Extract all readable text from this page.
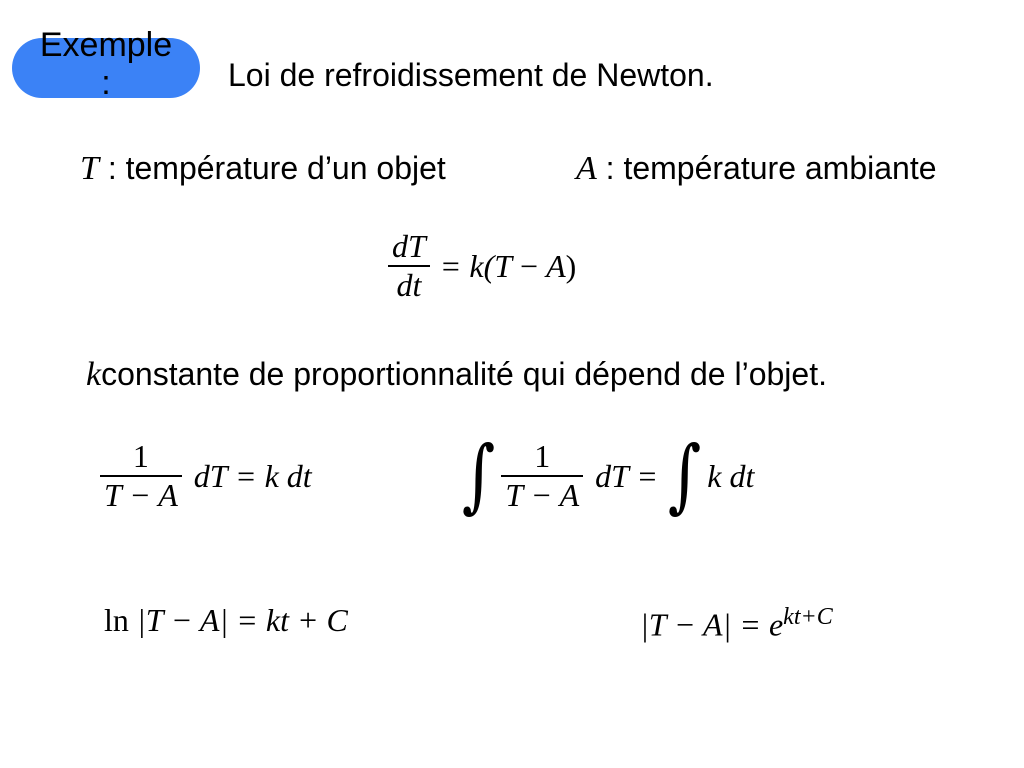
Exemple
:	Loi de refroidissement de Newton.
T : température d’un objet	A : température ambiante
$\frac{dT}{dt} = k(T - A)$
kconstante de proportionnalité qui dépend de l’objet.
$\frac{1}{T - A}$ dT = k dt ∫ $\frac{1}{T - A}$ dT = ∫ k dt
ln |T − A| = kt + C	$|T - A| = e^{kt+C}$
